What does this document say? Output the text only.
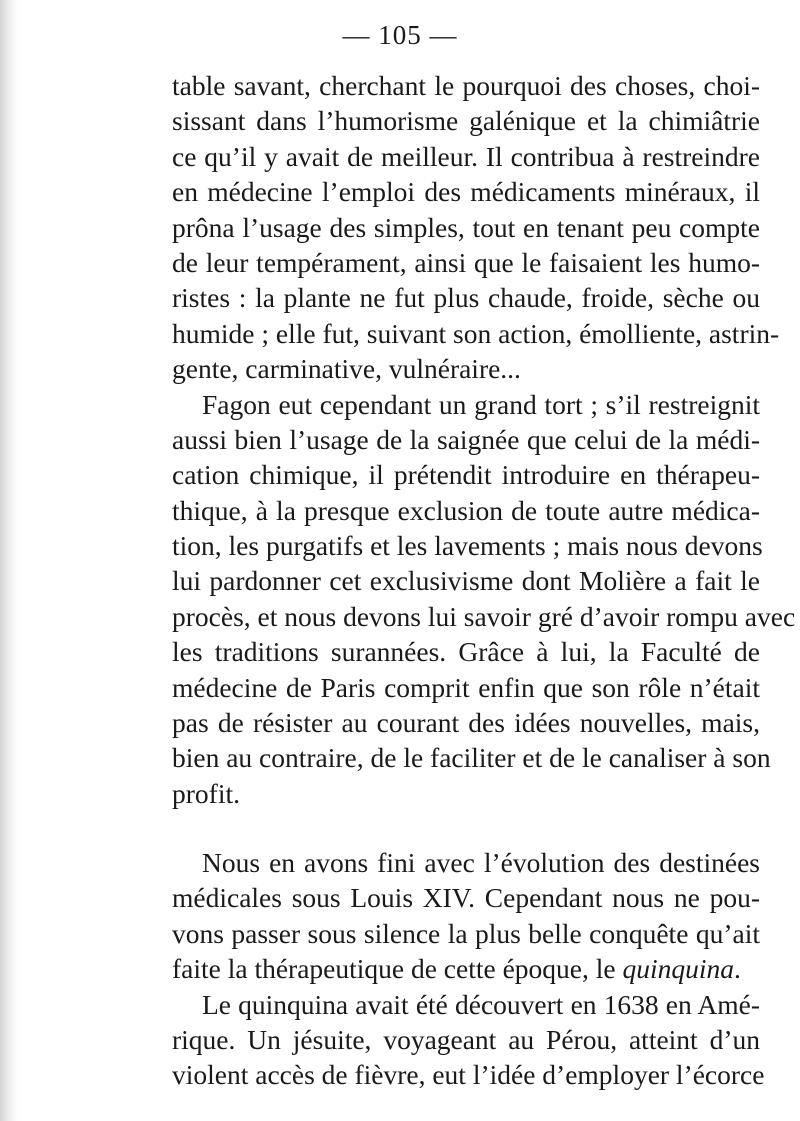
— 105 —
table savant, cherchant le pourquoi des choses, choi-
sissant dans l’humorisme galénique et la chimiâtrie
ce qu’il y avait de meilleur. Il contribua à restreindre
en médecine l’emploi des médicaments minéraux, il
prôna l’usage des simples, tout en tenant peu compte
de leur tempérament, ainsi que le faisaient les humo-
ristes : la plante ne fut plus chaude, froide, sèche ou
humide ; elle fut, suivant son action, émolliente, astrin-
gente, carminative, vulnéraire...
Fagon eut cependant un grand tort ; s’il restreignit
aussi bien l’usage de la saignée que celui de la médi-
cation chimique, il prétendit introduire en thérapeu-
thique, à la presque exclusion de toute autre médica-
tion, les purgatifs et les lavements ; mais nous devons
lui pardonner cet exclusivisme dont Molière a fait le
procès, et nous devons lui savoir gré d’avoir rompu avec
les traditions surannées. Grâce à lui, la Faculté de
médecine de Paris comprit enfin que son rôle n’était
pas de résister au courant des idées nouvelles, mais,
bien au contraire, de le faciliter et de le canaliser à son
profit.
Nous en avons fini avec l’évolution des destinées
médicales sous Louis XIV. Cependant nous ne pou-
vons passer sous silence la plus belle conquête qu’ait
faite la thérapeutique de cette époque, le quinquina.
Le quinquina avait été découvert en 1638 en Amé-
rique. Un jésuite, voyageant au Pérou, atteint d’un
violent accès de fièvre, eut l’idée d’employer l’écorce
